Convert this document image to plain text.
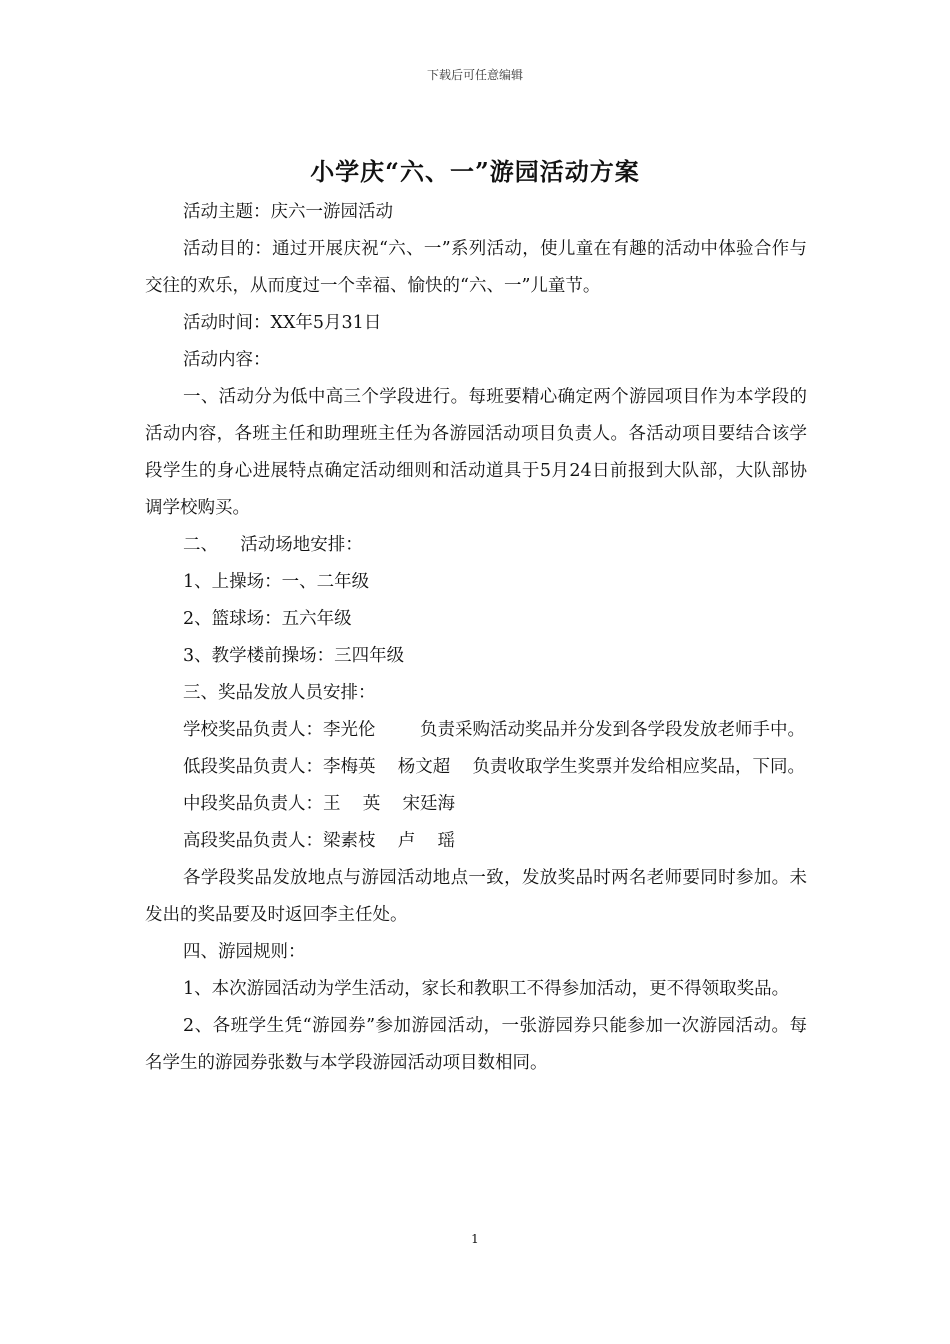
下载后可任意编辑
小学庆“六、一”游园活动方案

活动主题：庆六一游园活动

活动目的：通过开展庆祝“六、一”系列活动，使儿童在有趣的活动中体验合作与交往的欢乐，从而度过一个幸福、愉快的“六、一”儿童节。

活动时间：XX年5月31日

活动内容：

一、活动分为低中高三个学段进行。每班要精心确定两个游园项目作为本学段的活动内容，各班主任和助理班主任为各游园活动项目负责人。各活动项目要结合该学段学生的身心进展特点确定活动细则和活动道具于5月24日前报到大队部，大队部协调学校购买。

二、    活动场地安排：

1、上操场：一、二年级

2、篮球场：五六年级

3、教学楼前操场：三四年级

三、奖品发放人员安排：

学校奖品负责人：李光伦        负责采购活动奖品并分发到各学段发放老师手中。

低段奖品负责人：李梅英    杨文超    负责收取学生奖票并发给相应奖品，下同。

中段奖品负责人：王    英    宋廷海

高段奖品负责人：梁素枝    卢    瑶

各学段奖品发放地点与游园活动地点一致，发放奖品时两名老师要同时参加。未发出的奖品要及时返回李主任处。

四、游园规则：

1、本次游园活动为学生活动，家长和教职工不得参加活动，更不得领取奖品。

2、各班学生凭“游园券”参加游园活动，一张游园券只能参加一次游园活动。每名学生的游园券张数与本学段游园活动项目数相同。

1
